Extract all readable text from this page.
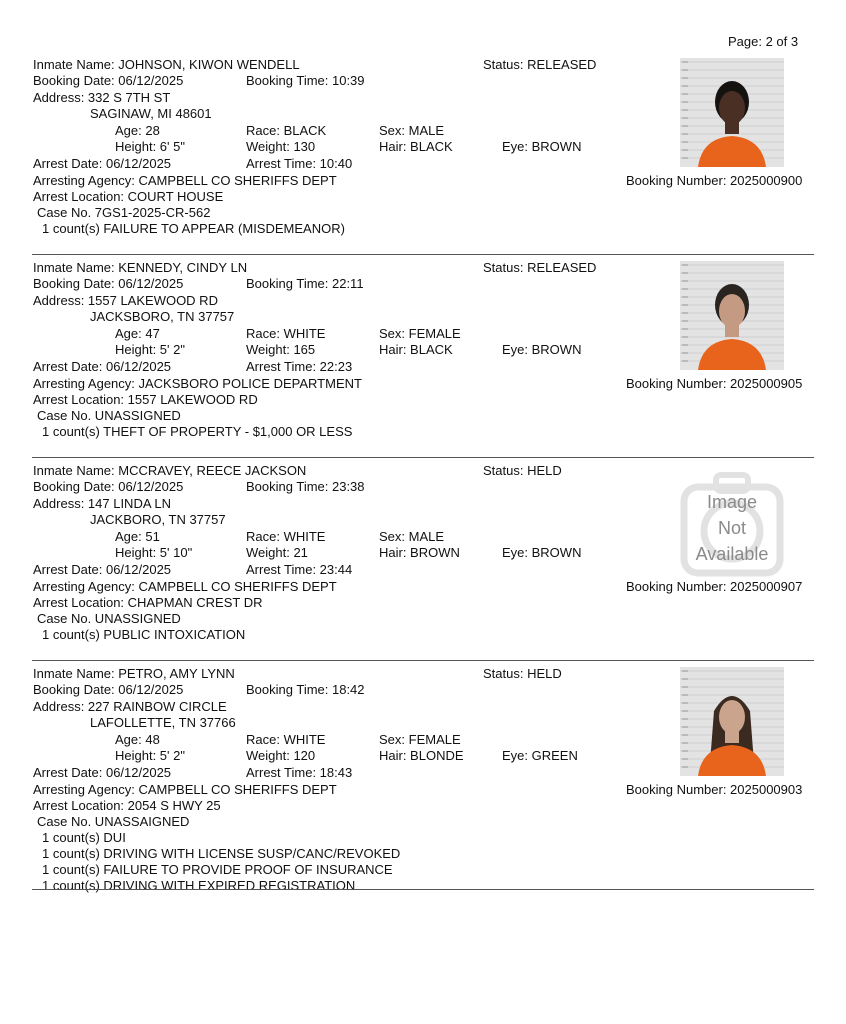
Page: 2 of 3
Inmate Name: JOHNSON, KIWON WENDELL	Status: RELEASED
Booking Date: 06/12/2025	Booking Time: 10:39
Address: 332 S 7TH ST
SAGINAW, MI 48601
Age: 28	Race: BLACK	Sex: MALE
Height: 6' 5"	Weight: 130	Hair: BLACK	Eye: BROWN
Arrest Date: 06/12/2025	Arrest Time: 10:40
Arresting Agency: CAMPBELL CO SHERIFFS DEPT	Booking Number: 2025000900
Arrest Location: COURT HOUSE
Case No. 7GS1-2025-CR-562
1 count(s) FAILURE TO APPEAR (MISDEMEANOR)
Inmate Name: KENNEDY, CINDY LN	Status: RELEASED
Booking Date: 06/12/2025	Booking Time: 22:11
Address: 1557 LAKEWOOD RD
JACKSBORO, TN 37757
Age: 47	Race: WHITE	Sex: FEMALE
Height: 5' 2"	Weight: 165	Hair: BLACK	Eye: BROWN
Arrest Date: 06/12/2025	Arrest Time: 22:23
Arresting Agency: JACKSBORO POLICE DEPARTMENT	Booking Number: 2025000905
Arrest Location: 1557 LAKEWOOD RD
Case No. UNASSIGNED
1 count(s) THEFT OF PROPERTY - $1,000 OR LESS
Inmate Name: MCCRAVEY, REECE JACKSON	Status: HELD
Booking Date: 06/12/2025	Booking Time: 23:38
Address: 147 LINDA LN
JACKBORO, TN 37757
Age: 51	Race: WHITE	Sex: MALE
Height: 5' 10"	Weight: 21	Hair: BROWN	Eye: BROWN
Arrest Date: 06/12/2025	Arrest Time: 23:44
Arresting Agency: CAMPBELL CO SHERIFFS DEPT	Booking Number: 2025000907
Arrest Location: CHAPMAN CREST DR
Case No. UNASSIGNED
1 count(s) PUBLIC INTOXICATION
Image
Not
Available
Inmate Name: PETRO, AMY LYNN	Status: HELD
Booking Date: 06/12/2025	Booking Time: 18:42
Address: 227 RAINBOW CIRCLE
LAFOLLETTE, TN 37766
Age: 48	Race: WHITE	Sex: FEMALE
Height: 5' 2"	Weight: 120	Hair: BLONDE	Eye: GREEN
Arrest Date: 06/12/2025	Arrest Time: 18:43
Arresting Agency: CAMPBELL CO SHERIFFS DEPT	Booking Number: 2025000903
Arrest Location: 2054 S HWY 25
Case No. UNASSAIGNED
1 count(s) DUI
1 count(s) DRIVING WITH LICENSE SUSP/CANC/REVOKED
1 count(s) FAILURE TO PROVIDE PROOF OF INSURANCE
1 count(s) DRIVING WITH EXPIRED REGISTRATION
